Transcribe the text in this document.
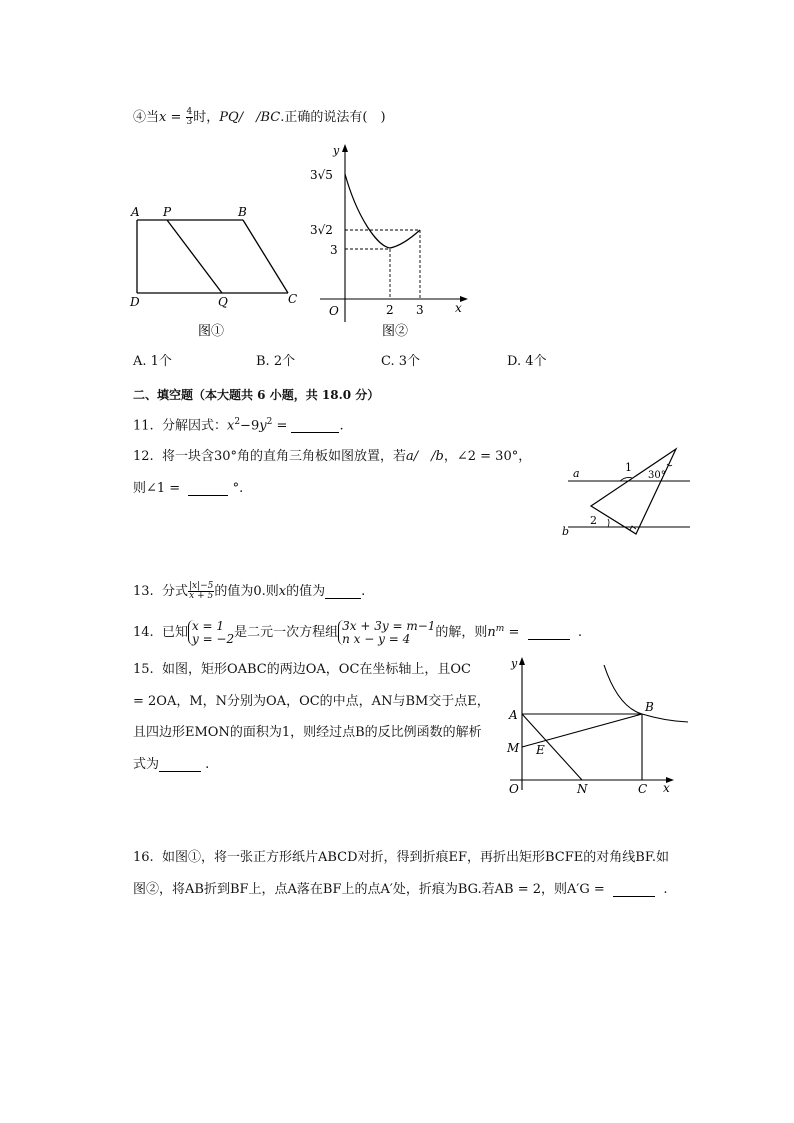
④当$x = \frac{4}{3}$ 时，PQ/　/BC.正确的说法有(　)
A P	B
D	Q	C
图①
y
x
O
3√5
3√2
3
2 3
图②
A. 1个	B. 2个	C. 3个	D. 4个
二、填空题（本大题共 6 小题，共 18.0 分）
11. 分解因式：$x^2-9y^2$ =	.
12. 将一块含30°角的直角三角板如图放置，若a/　/b，∠2 = 30°，
则∠1 =	°.
a
b
1
2
30°
13. 分式 $\frac{|x|-5}{x + 5}$ 的值为0.则x的值为	.
14. 已知 x = 1
y = −2 是二元一次方程组 3x + 3y = m−1
n x − y = 4	的解，则$n^m$ =	.
15. 如图，矩形OABC的两边OA，OC在坐标轴上，且OC
= 2OA，M，N分别为OA，OC的中点，AN与BM交于点E，
且四边形EMON的面积为1，则经过点B的反比例函数的解析
式为	.
y
x
O
A
B
M E
N	C
16. 如图①，将一张正方形纸片ABCD对折，得到折痕EF，再折出矩形BCFE的对角线BF.如
图②，将AB折到BF上，点A落在BF上的点A′处，折痕为BG.若AB = 2，则A′G =	.
